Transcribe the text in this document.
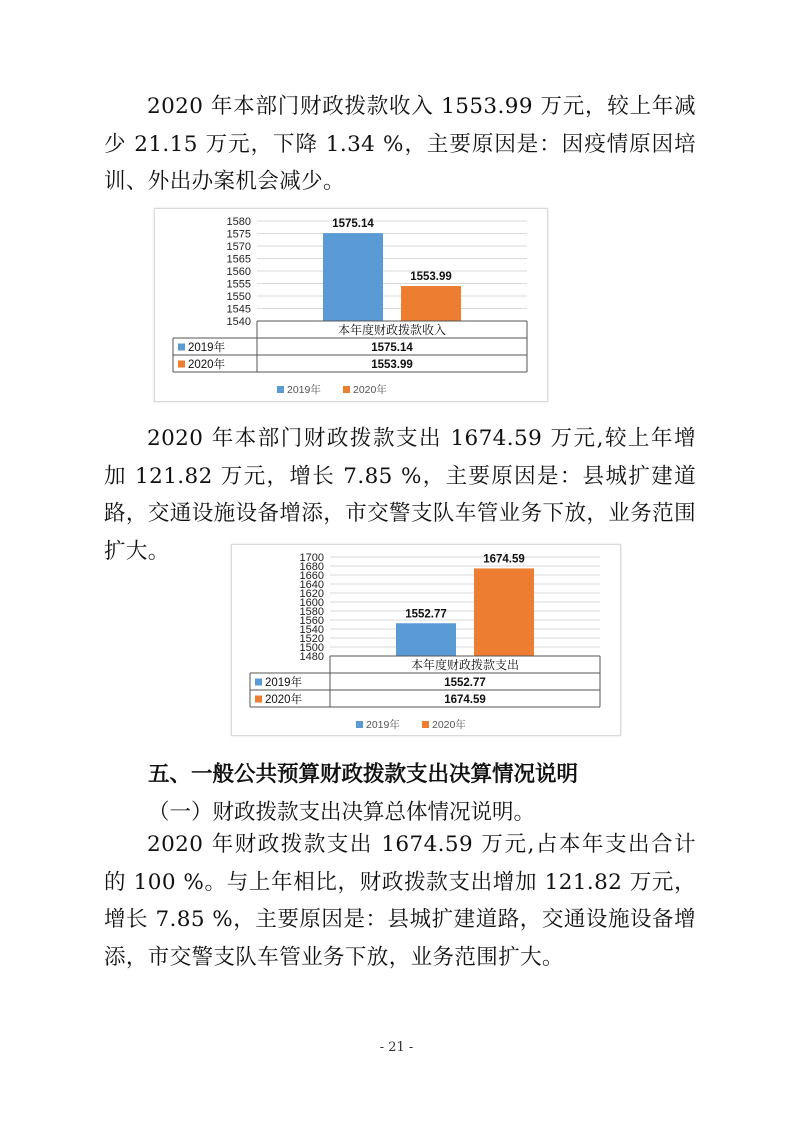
2020 年本部门财政拨款收入 1553.99 万元，较上年减少 21.15 万元，下降 1.34 %，主要原因是：因疫情原因培训、外出办案机会减少。

1580
1575
1570
1565
1560
1555
1550
1545
1540
1575.14
1553.99
本年度财政拨款收入
2019年	1575.14
2020年	1553.99
2019年	2020年

2020 年本部门财政拨款支出 1674.59 万元,较上年增加 121.82 万元，增长 7.85 %，主要原因是：县城扩建道路，交通设施设备增添，市交警支队车管业务下放，业务范围扩大。	1700
1680
1660
1640
1620
1600
1580
1560
1540
1520
1500
1480
1552.77
1674.59
本年度财政拨款支出
2019年	1552.77
2020年	1674.59
2019年	2020年
五、一般公共预算财政拨款支出决算情况说明

（一）财政拨款支出决算总体情况说明。

2020 年财政拨款支出 1674.59 万元,占本年支出合计的 100 %。与上年相比，财政拨款支出增加 121.82 万元，增长 7.85 %，主要原因是：县城扩建道路，交通设施设备增添，市交警支队车管业务下放，业务范围扩大。

- 21 -
